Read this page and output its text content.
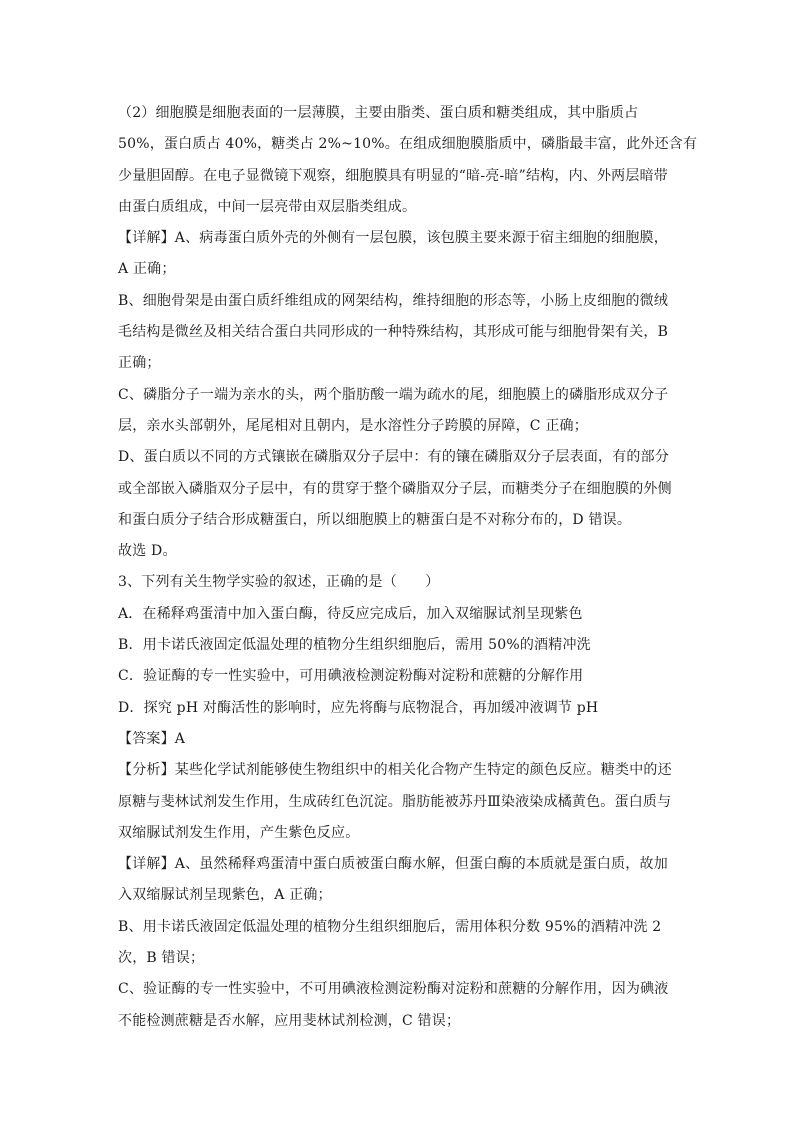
（2）细胞膜是细胞表面的一层薄膜，主要由脂类、蛋白质和糖类组成，其中脂质占
50%，蛋白质占 40%，糖类占 2%~10%。在组成细胞膜脂质中，磷脂最丰富，此外还含有
少量胆固醇。在电子显微镜下观察，细胞膜具有明显的“暗-亮-暗”结构，内、外两层暗带
由蛋白质组成，中间一层亮带由双层脂类组成。
【详解】A、病毒蛋白质外壳的外侧有一层包膜，该包膜主要来源于宿主细胞的细胞膜，
A 正确；
B、细胞骨架是由蛋白质纤维组成的网架结构，维持细胞的形态等，小肠上皮细胞的微绒
毛结构是微丝及相关结合蛋白共同形成的一种特殊结构，其形成可能与细胞骨架有关，B
正确；
C、磷脂分子一端为亲水的头，两个脂肪酸一端为疏水的尾，细胞膜上的磷脂形成双分子
层，亲水头部朝外，尾尾相对且朝内，是水溶性分子跨膜的屏障，C 正确；
D、蛋白质以不同的方式镶嵌在磷脂双分子层中：有的镶在磷脂双分子层表面，有的部分
或全部嵌入磷脂双分子层中，有的贯穿于整个磷脂双分子层，而糖类分子在细胞膜的外侧
和蛋白质分子结合形成糖蛋白，所以细胞膜上的糖蛋白是不对称分布的，D 错误。
故选 D。
3、下列有关生物学实验的叙述，正确的是（　　）
A．在稀释鸡蛋清中加入蛋白酶，待反应完成后，加入双缩脲试剂呈现紫色
B．用卡诺氏液固定低温处理的植物分生组织细胞后，需用 50%的酒精冲洗
C．验证酶的专一性实验中，可用碘液检测淀粉酶对淀粉和蔗糖的分解作用
D．探究 pH 对酶活性的影响时，应先将酶与底物混合，再加缓冲液调节 pH
【答案】A
【分析】某些化学试剂能够使生物组织中的相关化合物产生特定的颜色反应。糖类中的还
原糖与斐林试剂发生作用，生成砖红色沉淀。脂肪能被苏丹Ⅲ染液染成橘黄色。蛋白质与
双缩脲试剂发生作用，产生紫色反应。
【详解】A、虽然稀释鸡蛋清中蛋白质被蛋白酶水解，但蛋白酶的本质就是蛋白质，故加
入双缩脲试剂呈现紫色，A 正确；
B、用卡诺氏液固定低温处理的植物分生组织细胞后，需用体积分数 95%的酒精冲洗 2
次，B 错误；
C、验证酶的专一性实验中，不可用碘液检测淀粉酶对淀粉和蔗糖的分解作用，因为碘液
不能检测蔗糖是否水解，应用斐林试剂检测，C 错误；
